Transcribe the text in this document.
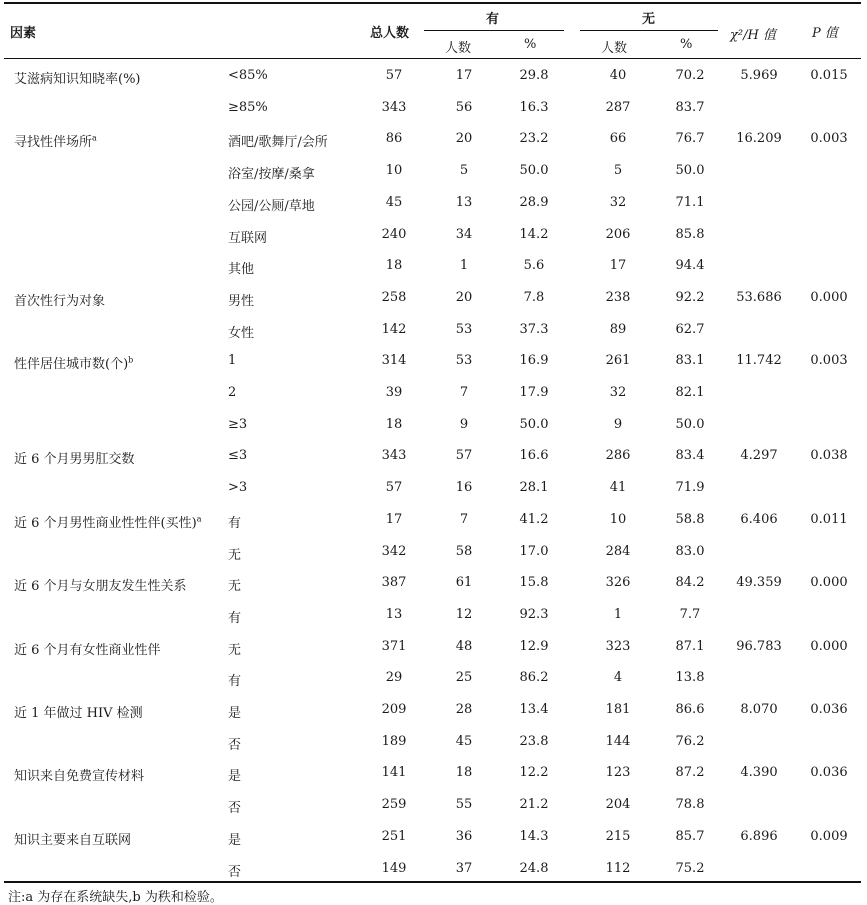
因素	总人数
有	无
人数	%	人数	%
χ²/H 值	P 值
艾滋病知识知晓率(%)	<85%	57	17	29.8	40	70.2	5.969	0.015
≥85%	343	56	16.3	287	83.7
寻找性伴场所$^a$	酒吧/歌舞厅/会所	86	20	23.2	66	76.7	16.209	0.003
浴室/按摩/桑拿	10	5	50.0	5	50.0
公园/公厕/草地	45	13	28.9	32	71.1
互联网	240	34	14.2	206	85.8
其他	18	1	5.6	17	94.4
首次性行为对象	男性	258	20	7.8	238	92.2	53.686	0.000
女性	142	53	37.3	89	62.7
性伴居住城市数(个)$^b$	1	314	53	16.9	261	83.1	11.742	0.003
2	39	7	17.9	32	82.1
≥3	18	9	50.0	9	50.0
近 6 个月男男肛交数	≤3	343	57	16.6	286	83.4	4.297	0.038
>3	57	16	28.1	41	71.9
近 6 个月男性商业性性伴(买性)$^a$	有	17	7	41.2	10	58.8	6.406	0.011
无	342	58	17.0	284	83.0
近 6 个月与女朋友发生性关系	无	387	61	15.8	326	84.2	49.359	0.000
有	13	12	92.3	1	7.7
近 6 个月有女性商业性伴	无	371	48	12.9	323	87.1	96.783	0.000
有	29	25	86.2	4	13.8
近 1 年做过 HIV 检测	是	209	28	13.4	181	86.6	8.070	0.036
否	189	45	23.8	144	76.2
知识来自免费宣传材料	是	141	18	12.2	123	87.2	4.390	0.036
否	259	55	21.2	204	78.8
知识主要来自互联网	是	251	36	14.3	215	85.7	6.896	0.009
否	149	37	24.8	112	75.2
注:a 为存在系统缺失,b 为秩和检验。
